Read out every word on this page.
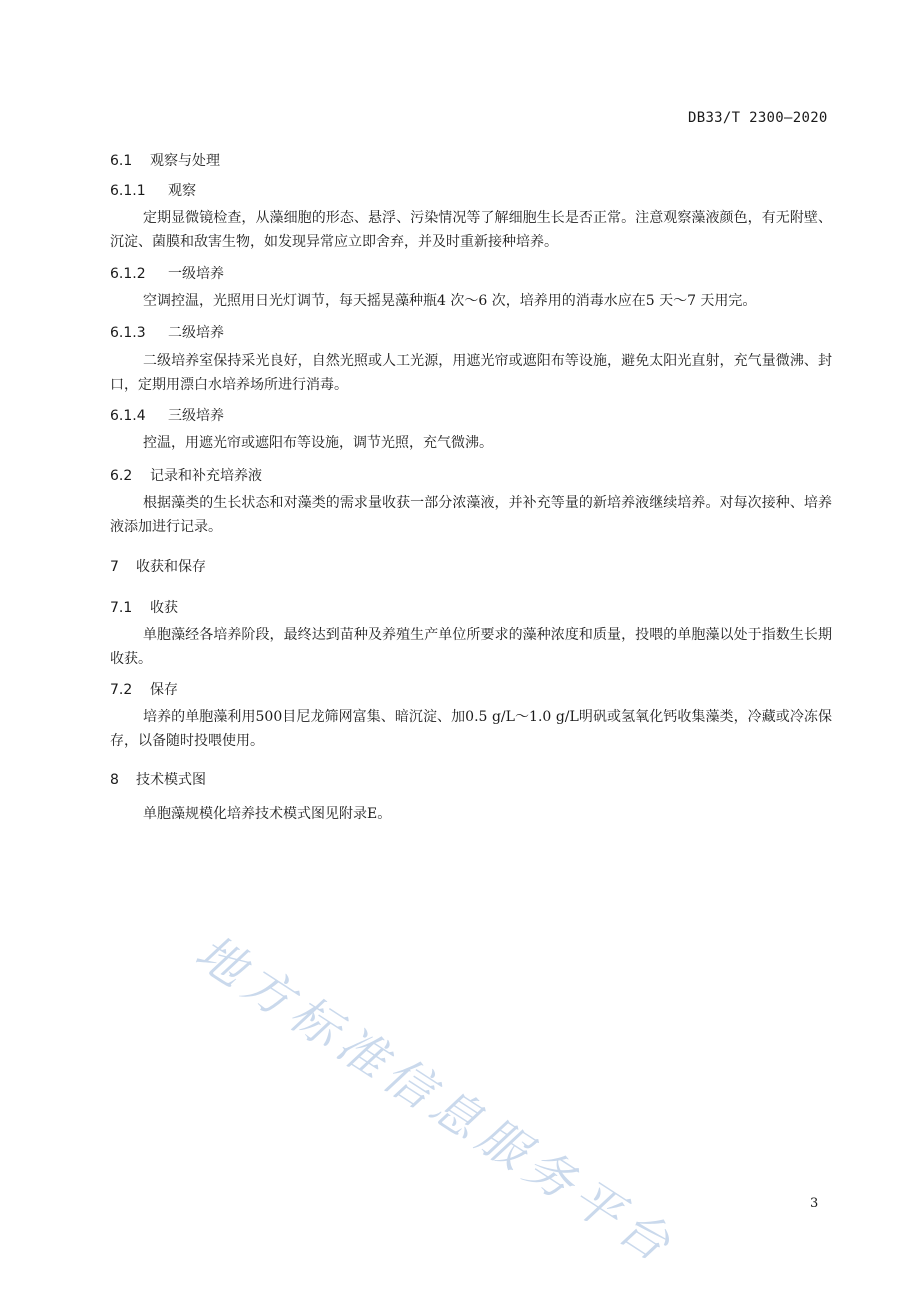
DB33/T 2300—2020
6.1 观察与处理
6.1.1 观察
定期显微镜检查，从藻细胞的形态、悬浮、污染情况等了解细胞生长是否正常。注意观察藻液颜色，有无附壁、沉淀、菌膜和敌害生物，如发现异常应立即舍弃，并及时重新接种培养。
6.1.2 一级培养
空调控温，光照用日光灯调节，每天摇晃藻种瓶4 次～6 次，培养用的消毒水应在5 天～7 天用完。
6.1.3 二级培养
二级培养室保持采光良好，自然光照或人工光源，用遮光帘或遮阳布等设施，避免太阳光直射，充气量微沸、封口，定期用漂白水培养场所进行消毒。
6.1.4 三级培养
控温，用遮光帘或遮阳布等设施，调节光照，充气微沸。
6.2 记录和补充培养液
根据藻类的生长状态和对藻类的需求量收获一部分浓藻液，并补充等量的新培养液继续培养。对每次接种、培养液添加进行记录。
7 收获和保存
7.1 收获
单胞藻经各培养阶段，最终达到苗种及养殖生产单位所要求的藻种浓度和质量，投喂的单胞藻以处于指数生长期收获。
7.2 保存
培养的单胞藻利用500目尼龙筛网富集、暗沉淀、加0.5 g/L～1.0 g/L明矾或氢氧化钙收集藻类，冷藏或冷冻保存，以备随时投喂使用。
8 技术模式图
单胞藻规模化培养技术模式图见附录E。
地方标准信息服务平台	3
